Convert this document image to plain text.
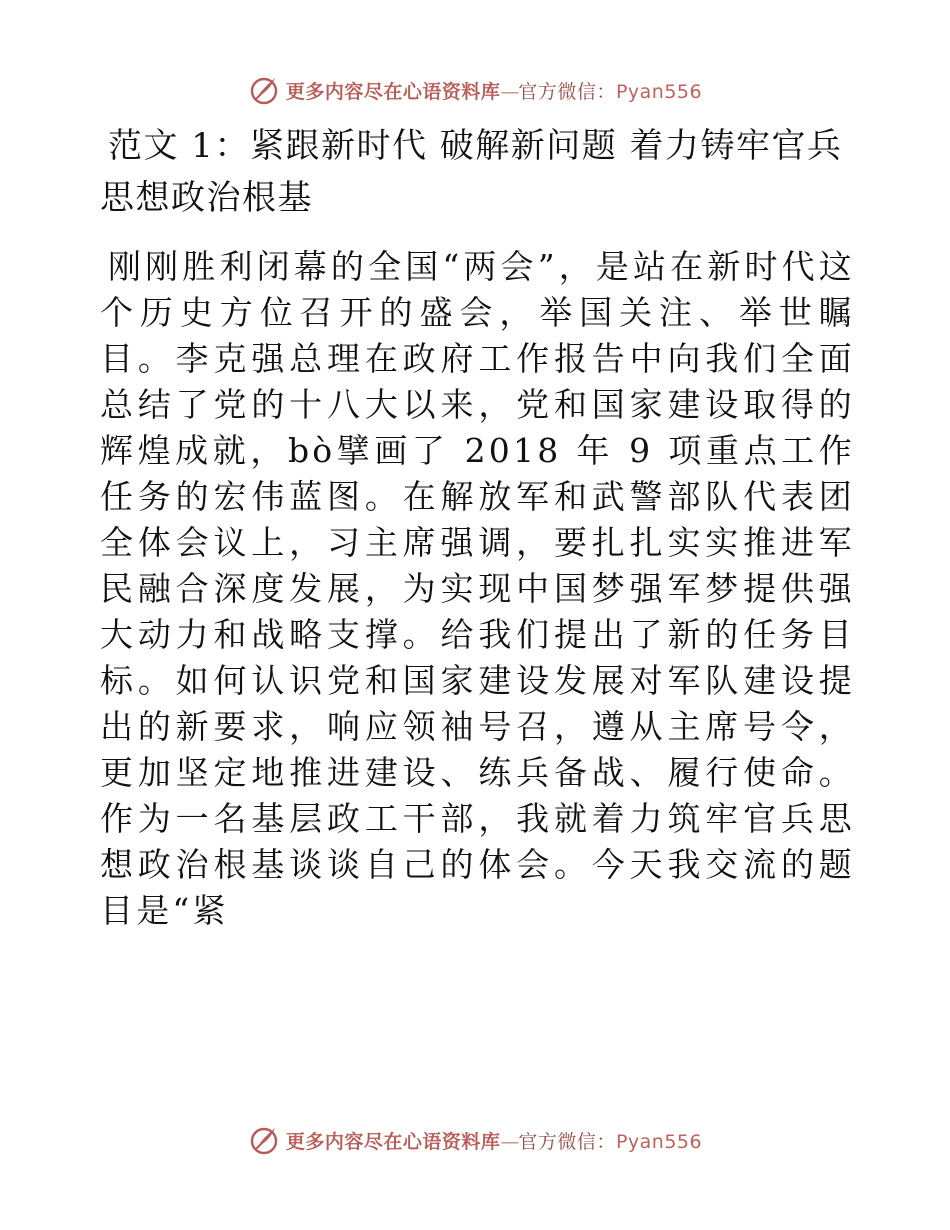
更多内容尽在心语资料库—官方微信：Pyan556
范文 1：紧跟新时代 破解新问题 着力铸牢官兵思想政治根基

刚刚胜利闭幕的全国“两会”，是站在新时代这个历史方位召开的盛会，举国关注、举世瞩目。李克强总理在政府工作报告中向我们全面总结了党的十八大以来，党和国家建设取得的辉煌成就，bò擘画了 2018 年 9 项重点工作任务的宏伟蓝图。在解放军和武警部队代表团全体会议上，习主席强调，要扎扎实实推进军民融合深度发展，为实现中国梦强军梦提供强大动力和战略支撑。给我们提出了新的任务目标。如何认识党和国家建设发展对军队建设提出的新要求，响应领袖号召，遵从主席号令，更加坚定地推进建设、练兵备战、履行使命。作为一名基层政工干部，我就着力筑牢官兵思想政治根基谈谈自己的体会。今天我交流的题目是“紧

更多内容尽在心语资料库—官方微信：Pyan556
